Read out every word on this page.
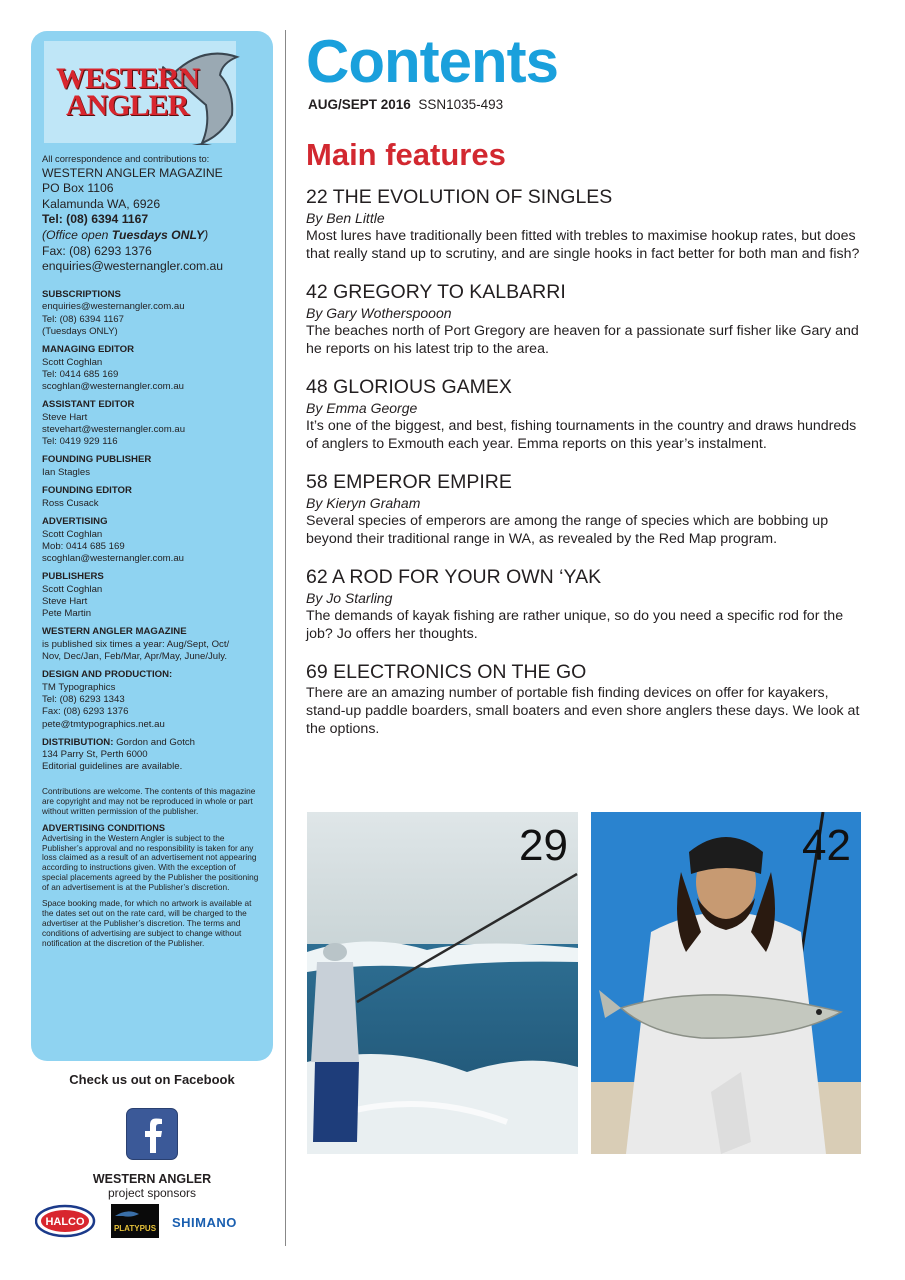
WESTERN
ANGLER
All correspondence and contributions to:
WESTERN ANGLER MAGAZINE
PO Box 1106
Kalamunda WA, 6926
Tel: (08) 6394 1167
(Office open Tuesdays ONLY)
Fax: (08) 6293 1376
enquiries@westernangler.com.au
SUBSCRIPTIONS
enquiries@westernangler.com.au
Tel: (08) 6394 1167
(Tuesdays ONLY)
MANAGING EDITOR
Scott Coghlan
Tel: 0414 685 169
scoghlan@westernangler.com.au
ASSISTANT EDITOR
Steve Hart
stevehart@westernangler.com.au
Tel: 0419 929 116
FOUNDING PUBLISHER
Ian Stagles
FOUNDING EDITOR
Ross Cusack
ADVERTISING
Scott Coghlan
Mob: 0414 685 169
scoghlan@westernangler.com.au
PUBLISHERS
Scott Coghlan
Steve Hart
Pete Martin
WESTERN ANGLER MAGAZINE
is published six times a year: Aug/Sept, Oct/
Nov, Dec/Jan, Feb/Mar, Apr/May, June/July.
DESIGN AND PRODUCTION:
TM Typographics
Tel: (08) 6293 1343
Fax: (08) 6293 1376
pete@tmtypographics.net.au
DISTRIBUTION: Gordon and Gotch
134 Parry St, Perth 6000
Editorial guidelines are available.
Contributions are welcome. The contents of this magazine are copyright and may not be reproduced in whole or part without written permission of the publisher.
ADVERTISING CONDITIONS
Advertising in the Western Angler is subject to the Publisher’s approval and no responsibility is taken for any loss claimed as a result of an advertisement not appearing according to instructions given. With the exception of special placements agreed by the Publisher the positioning of an advertisement is at the Publisher’s discretion.
Space booking made, for which no artwork is available at the dates set out on the rate card, will be charged to the advertiser at the Publisher’s discretion. The terms and conditions of advertising are subject to change without notification at the discretion of the Publisher.
Check us out on Facebook
WESTERN ANGLER
project sponsors
HALCO
PLATYPUS SHIMANO
Contents
AUG/SEPT 2016 SSN1035-493
Main features
22 THE EVOLUTION OF SINGLES
By Ben Little
Most lures have traditionally been fitted with trebles to maximise hookup rates, but does that really stand up to scrutiny, and are single hooks in fact better for both man and fish?
42 GREGORY TO KALBARRI
By Gary Wotherspooon
The beaches north of Port Gregory are heaven for a passionate surf fisher like Gary and he reports on his latest trip to the area.
48 GLORIOUS GAMEX
By Emma George
It’s one of the biggest, and best, fishing tournaments in the country and draws hundreds of anglers to Exmouth each year. Emma reports on this year’s instalment.
58 EMPEROR EMPIRE
By Kieryn Graham
Several species of emperors are among the range of species which are bobbing up beyond their traditional range in WA, as revealed by the Red Map program.
62 A ROD FOR YOUR OWN ‘YAK
By Jo Starling
The demands of kayak fishing are rather unique, so do you need a specific rod for the job? Jo offers her thoughts.
69 ELECTRONICS ON THE GO
There are an amazing number of portable fish finding devices on offer for kayakers, stand-up paddle boarders, small boaters and even shore anglers these days. We look at the options.
29	42
